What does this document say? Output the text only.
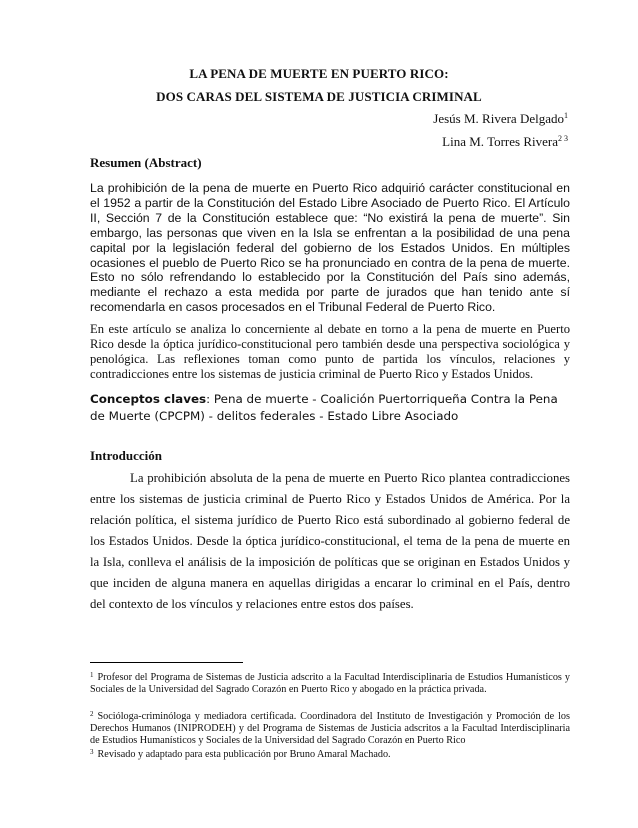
LA PENA DE MUERTE EN PUERTO RICO:
DOS CARAS DEL SISTEMA DE JUSTICIA CRIMINAL
Jesús M. Rivera Delgado$^1$
Lina M. Torres Rivera$^{2 3}$
Resumen (Abstract)
La prohibición de la pena de muerte en Puerto Rico adquirió carácter constitucional en el 1952 a partir de la Constitución del Estado Libre Asociado de Puerto Rico. El Artículo II, Sección 7 de la Constitución establece que: “No existirá la pena de muerte”. Sin embargo, las personas que viven en la Isla se enfrentan a la posibilidad de una pena capital por la legislación federal del gobierno de los Estados Unidos. En múltiples ocasiones el pueblo de Puerto Rico se ha pronunciado en contra de la pena de muerte. Esto no sólo refrendando lo establecido por la Constitución del País sino además, mediante el rechazo a esta medida por parte de jurados que han tenido ante sí recomendarla en casos procesados en el Tribunal Federal de Puerto Rico.
En este artículo se analiza lo concerniente al debate en torno a la pena de muerte en Puerto Rico desde la óptica jurídico-constitucional pero también desde una perspectiva sociológica y penológica. Las reflexiones toman como punto de partida los vínculos, relaciones y contradicciones entre los sistemas de justicia criminal de Puerto Rico y Estados Unidos.
Conceptos claves: Pena de muerte - Coalición Puertorriqueña Contra la Pena de Muerte (CPCPM) - delitos federales - Estado Libre Asociado
Introducción
La prohibición absoluta de la pena de muerte en Puerto Rico plantea contradicciones entre los sistemas de justicia criminal de Puerto Rico y Estados Unidos de América. Por la relación política, el sistema jurídico de Puerto Rico está subordinado al gobierno federal de los Estados Unidos. Desde la óptica jurídico-constitucional, el tema de la pena de muerte en la Isla, conlleva el análisis de la imposición de políticas que se originan en Estados Unidos y que inciden de alguna manera en aquellas dirigidas a encarar lo criminal en el País, dentro del contexto de los vínculos y relaciones entre estos dos países.
$^1$ Profesor del Programa de Sistemas de Justicia adscrito a la Facultad Interdisciplinaria de Estudios Humanísticos y Sociales de la Universidad del Sagrado Corazón en Puerto Rico y abogado en la práctica privada.
$^2$ Socióloga-criminóloga y mediadora certificada. Coordinadora del Instituto de Investigación y Promoción de los Derechos Humanos (INIPRODEH) y del Programa de Sistemas de Justicia adscritos a la Facultad Interdisciplinaria de Estudios Humanísticos y Sociales de la Universidad del Sagrado Corazón en Puerto Rico
$^3$ Revisado y adaptado para esta publicación por Bruno Amaral Machado.
